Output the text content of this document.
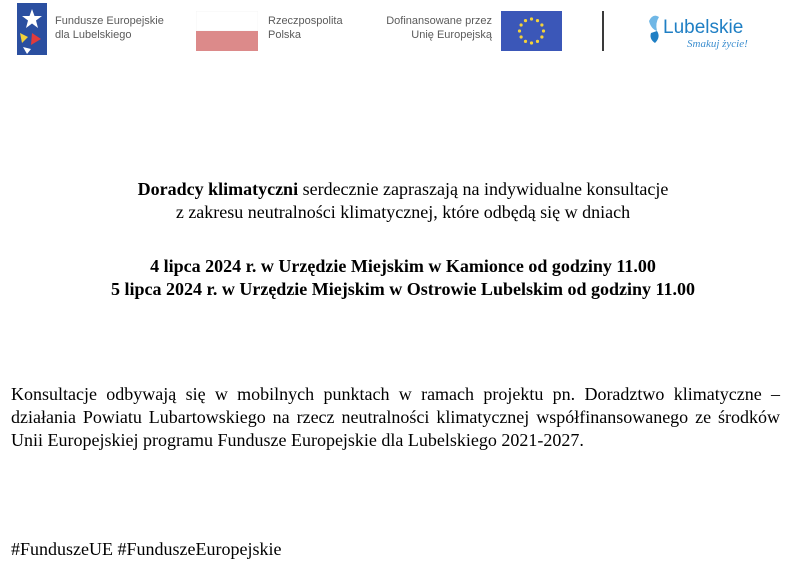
Fundusze Europejskie
dla Lubelskiego
Rzeczpospolita
Polska
Dofinansowane przez
Unię Europejską	Lubelskie
Smakuj życie!
Doradcy klimatyczni serdecznie zapraszają na indywidualne konsultacje
z zakresu neutralności klimatycznej, które odbędą się w dniach
4 lipca 2024 r. w Urzędzie Miejskim w Kamionce od godziny 11.00
5 lipca 2024 r. w Urzędzie Miejskim w Ostrowie Lubelskim od godziny 11.00
Konsultacje odbywają się w mobilnych punktach w ramach projektu pn. Doradztwo klimatyczne – działania Powiatu Lubartowskiego na rzecz neutralności klimatycznej współfinansowanego ze środków Unii Europejskiej programu Fundusze Europejskie dla Lubelskiego 2021-2027.
#FunduszeUE #FunduszeEuropejskie
